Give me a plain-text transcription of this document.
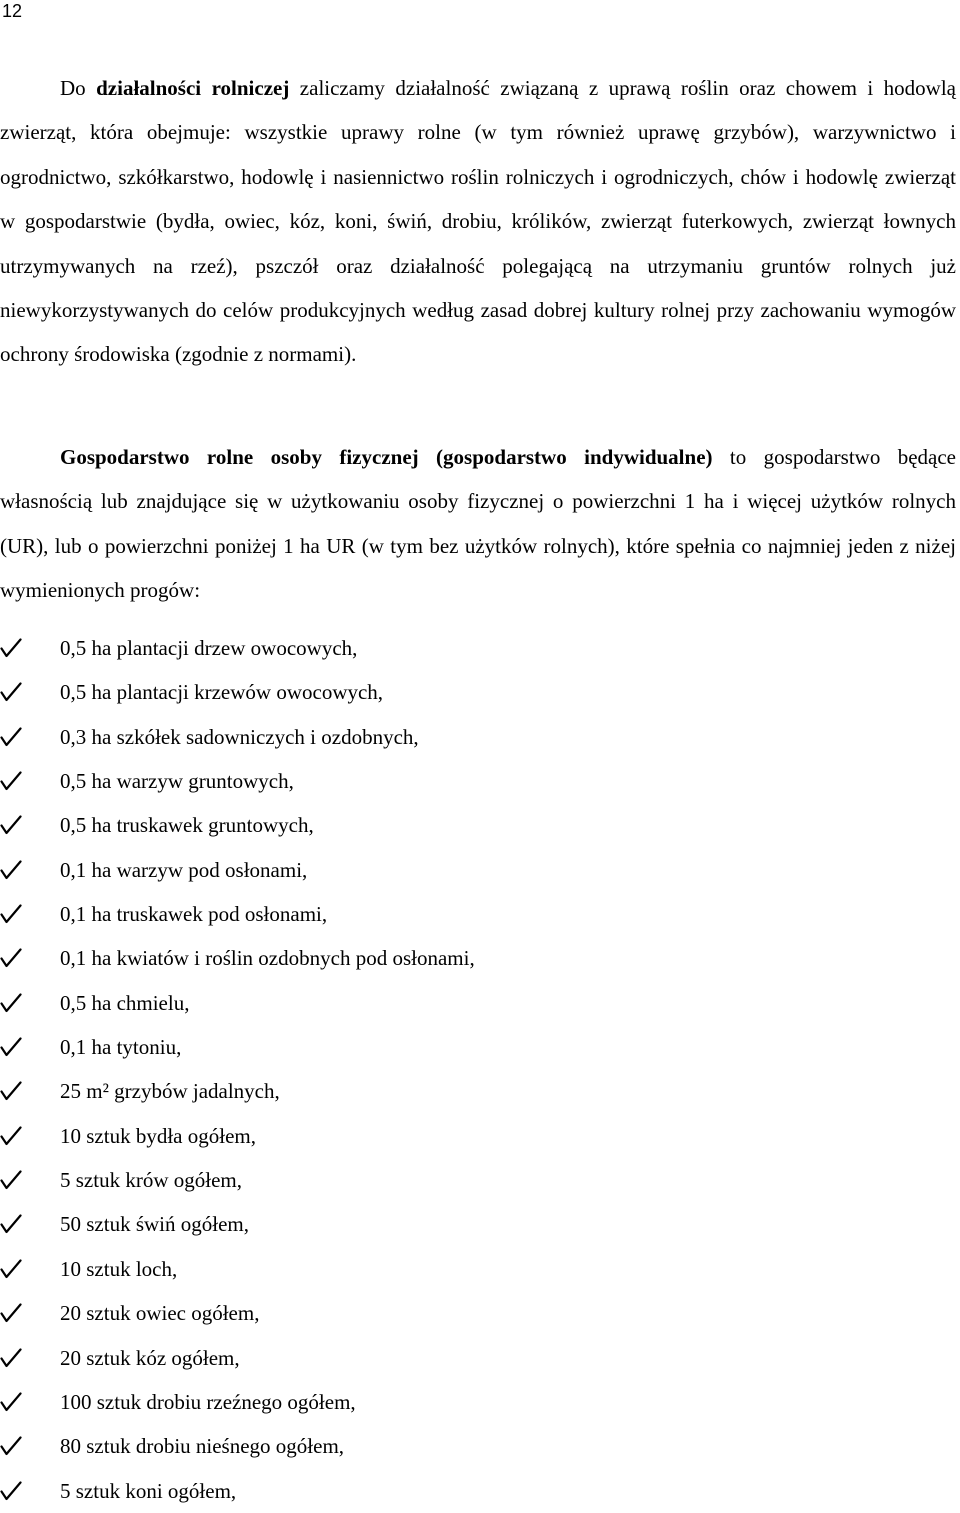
12

Do działalności rolniczej zaliczamy działalność związaną z uprawą roślin oraz chowem i hodowlą zwierząt, która obejmuje: wszystkie uprawy rolne (w tym również uprawę grzybów), warzywnictwo i ogrodnictwo, szkółkarstwo, hodowlę i nasiennictwo roślin rolniczych i ogrodniczych, chów i hodowlę zwierząt w gospodarstwie (bydła, owiec, kóz, koni, świń, drobiu, królików, zwierząt futerkowych, zwierząt łownych utrzymywanych na rzeź), pszczół oraz działalność polegającą na utrzymaniu gruntów rolnych już niewykorzystywanych do celów produkcyjnych według zasad dobrej kultury rolnej przy zachowaniu wymogów ochrony środowiska (zgodnie z normami).

Gospodarstwo rolne osoby fizycznej (gospodarstwo indywidualne) to gospodarstwo będące własnością lub znajdujące się w użytkowaniu osoby fizycznej o powierzchni 1 ha i więcej użytków rolnych (UR), lub o powierzchni poniżej 1 ha UR (w tym bez użytków rolnych), które spełnia co najmniej jeden z niżej wymienionych progów:

0,5 ha plantacji drzew owocowych,
0,5 ha plantacji krzewów owocowych,
0,3 ha szkółek sadowniczych i ozdobnych,
0,5 ha warzyw gruntowych,
0,5 ha truskawek gruntowych,
0,1 ha warzyw pod osłonami,
0,1 ha truskawek pod osłonami,
0,1 ha kwiatów i roślin ozdobnych pod osłonami,
0,5 ha chmielu,
0,1 ha tytoniu,
25 m² grzybów jadalnych,
10 sztuk bydła ogółem,
5 sztuk krów ogółem,
50 sztuk świń ogółem,
10 sztuk loch,
20 sztuk owiec ogółem,
20 sztuk kóz ogółem,
100 sztuk drobiu rzeźnego ogółem,
80 sztuk drobiu nieśnego ogółem,
5 sztuk koni ogółem,
